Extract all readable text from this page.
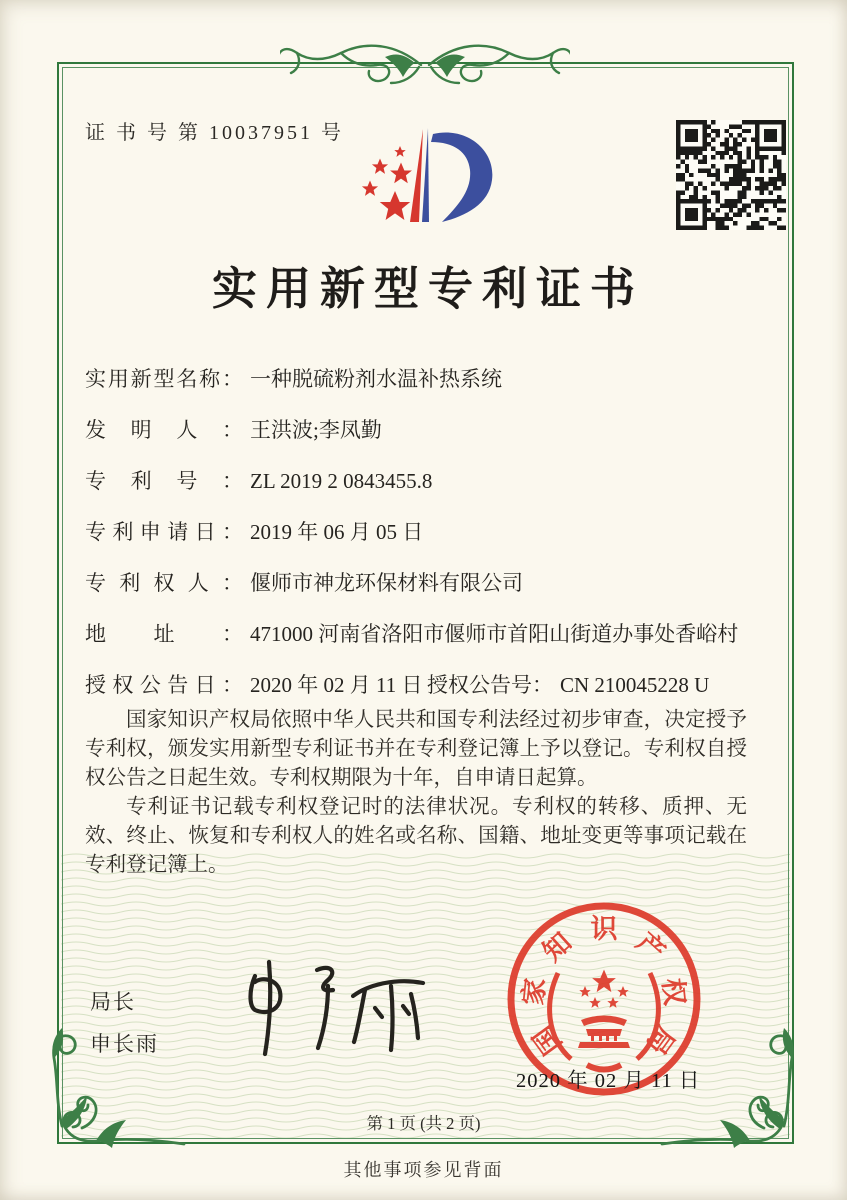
证 书 号 第 10037951 号
实用新型专利证书
实用新型名称： 一种脱硫粉剂水温补热系统
发明人： 王洪波;李凤勤
专利号： ZL 2019 2 0843455.8
专利申请日： 2019 年 06 月 05 日
专利权人： 偃师市神龙环保材料有限公司
地址： 471000 河南省洛阳市偃师市首阳山街道办事处香峪村
授权公告日： 2020 年 02 月 11 日 授权公告号： CN 210045228 U

国家知识产权局依照中华人民共和国专利法经过初步审查，决定授予专利权，颁发实用新型专利证书并在专利登记簿上予以登记。专利权自授权公告之日起生效。专利权期限为十年，自申请日起算。

专利证书记载专利权登记时的法律状况。专利权的转移、质押、无效、终止、恢复和专利权人的姓名或名称、国籍、地址变更等事项记载在专利登记簿上。

局长
申长雨	国
家
知 识 产
权
局
2020 年 02 月 11 日
第 1 页 (共 2 页)
其他事项参见背面
